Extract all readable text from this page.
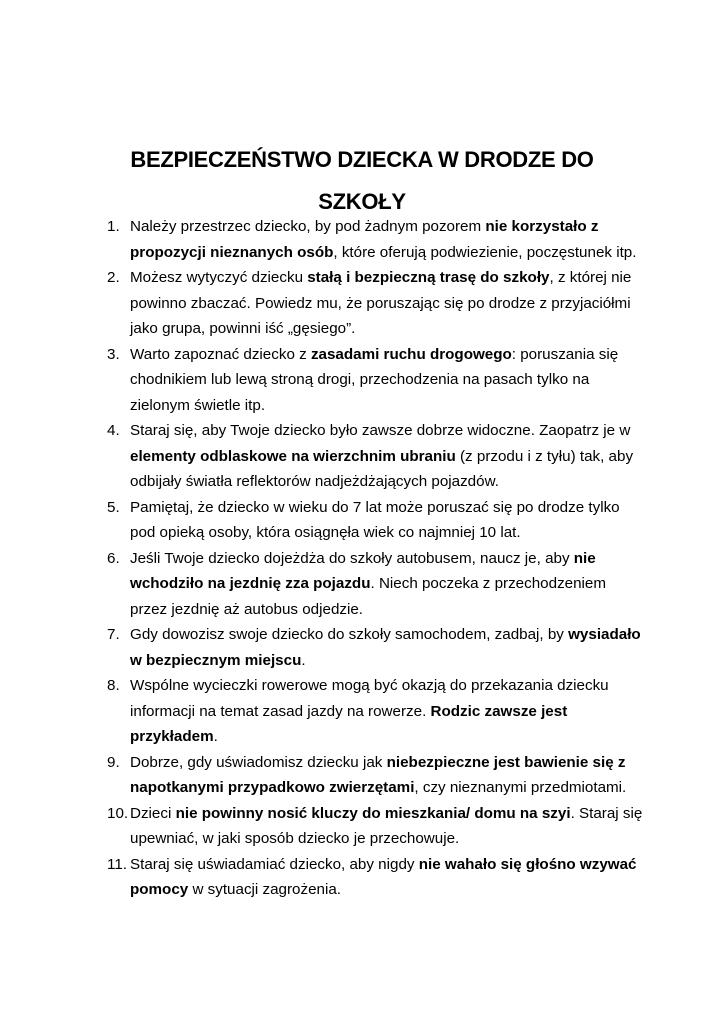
BEZPIECZEŃSTWO DZIECKA W DRODZE DO SZKOŁY
1. Należy przestrzec dziecko, by pod żadnym pozorem nie korzystało z propozycji nieznanych osób, które oferują podwiezienie, poczęstunek itp.
2. Możesz wytyczyć dziecku stałą i bezpieczną trasę do szkoły, z której nie powinno zbaczać. Powiedz mu, że poruszając się po drodze z przyjaciółmi jako grupa, powinni iść „gęsiego”.
3. Warto zapoznać dziecko z zasadami ruchu drogowego: poruszania się chodnikiem lub lewą stroną drogi, przechodzenia na pasach tylko na zielonym świetle itp.
4. Staraj się, aby Twoje dziecko było zawsze dobrze widoczne. Zaopatrz je w elementy odblaskowe na wierzchnim ubraniu (z przodu i z tyłu) tak, aby odbijały światła reflektorów nadjeżdżających pojazdów.
5. Pamiętaj, że dziecko w wieku do 7 lat może poruszać się po drodze tylko pod opieką osoby, która osiągnęła wiek co najmniej 10 lat.
6. Jeśli Twoje dziecko dojeżdża do szkoły autobusem, naucz je, aby nie wchodziło na jezdnię zza pojazdu. Niech poczeka z przechodzeniem przez jezdnię aż autobus odjedzie.
7. Gdy dowozisz swoje dziecko do szkoły samochodem, zadbaj, by wysiadało w bezpiecznym miejscu.
8. Wspólne wycieczki rowerowe mogą być okazją do przekazania dziecku informacji na temat zasad jazdy na rowerze. Rodzic zawsze jest przykładem.
9. Dobrze, gdy uświadomisz dziecku jak niebezpieczne jest bawienie się z napotkanymi przypadkowo zwierzętami, czy nieznanymi przedmiotami.
10. Dzieci nie powinny nosić kluczy do mieszkania/ domu na szyi. Staraj się upewniać, w jaki sposób dziecko je przechowuje.
11. Staraj się uświadamiać dziecko, aby nigdy nie wahało się głośno wzywać pomocy w sytuacji zagrożenia.
